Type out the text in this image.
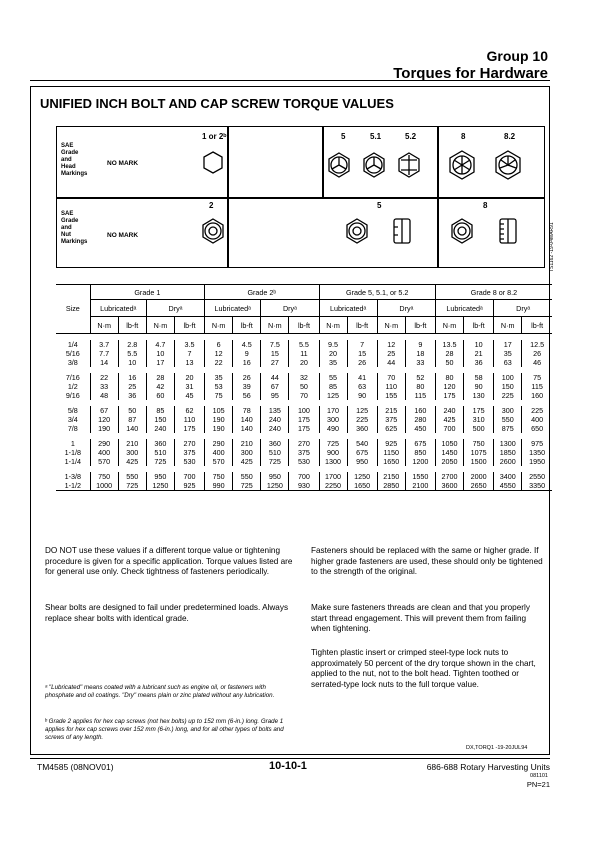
Group 10
Torques for Hardware
UNIFIED INCH BOLT AND CAP SCREW TORQUE VALUES
SAE
Grade
and
Head
Markings
SAE
Grade
and
Nut
Markings
NO MARK
NO MARK
1 or 2ᵇ	5	5.1	5.2	8	8.2
2	5	8
TS1162 -19-04MAR91
	Grade 1				Grade 2ᵇ				Grade 5, 5.1, or 5.2				Grade 8 or 8.2			
Size	Lubricatedᵃ		Dryᵃ		Lubricatedᵃ		Dryᵃ		Lubricatedᵃ		Dryᵃ		Lubricatedᵃ		Dryᵃ	
	N·m	lb-ft	N·m	lb-ft	N·m	lb-ft	N·m	lb-ft	N·m	lb-ft	N·m	lb-ft	N·m	lb-ft	N·m	lb-ft

1/4	3.7	2.8	4.7	3.5	6	4.5	7.5	5.5	9.5	7	12	9	13.5	10	17	12.5
5/16	7.7	5.5	10	7	12	9	15	11	20	15	25	18	28	21	35	26
3/8	14	10	17	13	22	16	27	20	35	26	44	33	50	36	63	46

7/16	22	16	28	20	35	26	44	32	55	41	70	52	80	58	100	75
1/2	33	25	42	31	53	39	67	50	85	63	110	80	120	90	150	115
9/16	48	36	60	45	75	56	95	70	125	90	155	115	175	130	225	160

5/8	67	50	85	62	105	78	135	100	170	125	215	160	240	175	300	225
3/4	120	87	150	110	190	140	240	175	300	225	375	280	425	310	550	400
7/8	190	140	240	175	190	140	240	175	490	360	625	450	700	500	875	650

1	290	210	360	270	290	210	360	270	725	540	925	675	1050	750	1300	975
1-1/8	400	300	510	375	400	300	510	375	900	675	1150	850	1450	1075	1850	1350
1-1/4	570	425	725	530	570	425	725	530	1300	950	1650	1200	2050	1500	2600	1950

1-3/8	750	550	950	700	750	550	950	700	1700	1250	2150	1550	2700	2000	3400	2550
1-1/2	1000	725	1250	925	990	725	1250	930	2250	1650	2850	2100	3600	2650	4550	3350

DO NOT use these values if a different torque value or tightening procedure is given for a specific application. Torque values listed are for general use only. Check tightness of fasteners periodically.
Shear bolts are designed to fail under predetermined loads. Always replace shear bolts with identical grade.
Fasteners should be replaced with the same or higher grade. If higher grade fasteners are used, these should only be tightened to the strength of the original.
Make sure fasteners threads are clean and that you properly start thread engagement. This will prevent them from failing when tightening.
Tighten plastic insert or crimped steel-type lock nuts to approximately 50 percent of the dry torque shown in the chart, applied to the nut, not to the bolt head. Tighten toothed or serrated-type lock nuts to the full torque value.
ᵃ "Lubricated" means coated with a lubricant such as engine oil, or fasteners with phosphate and oil coatings. "Dry" means plain or zinc plated without any lubrication.
ᵇ Grade 2 applies for hex cap screws (not hex bolts) up to 152 mm (6-in.) long. Grade 1 applies for hex cap screws over 152 mm (6-in.) long, and for all other types of bolts and screws of any length.
DX,TORQ1 -19-20JUL94
TM4585 (08NOV01)	10-10-1	686-688 Rotary Harvesting Units
081101
PN=21
